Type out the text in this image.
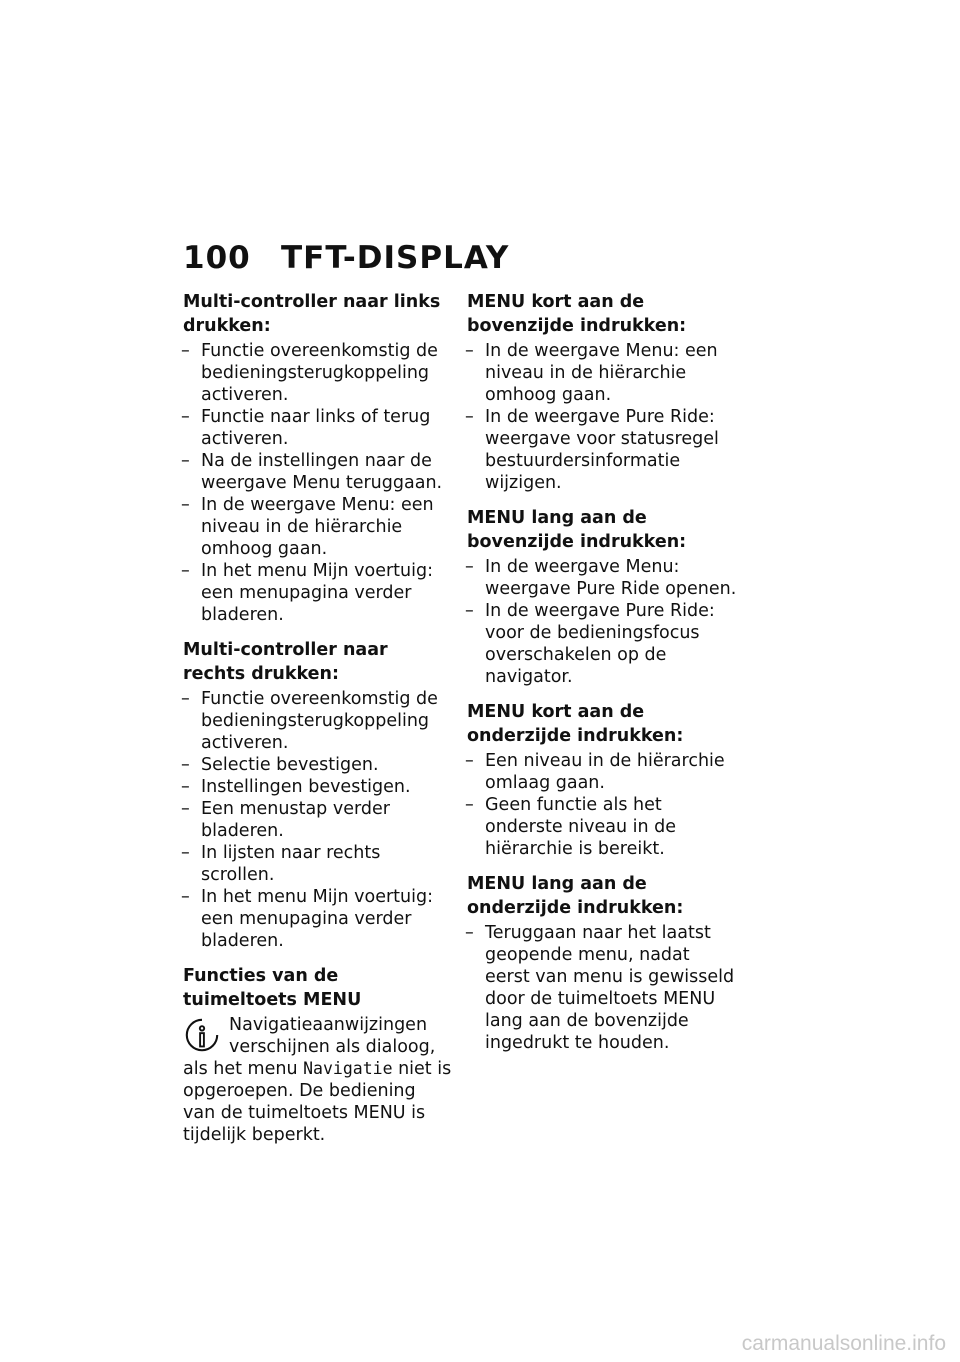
100 TFT-DISPLAY
Multi-controller naar links drukken:
– Functie overeenkomstig de bedieningsterugkoppeling activeren.
– Functie naar links of terug activeren.
– Na de instellingen naar de weergave Menu teruggaan.
– In de weergave Menu: een niveau in de hiërarchie omhoog gaan.
– In het menu Mijn voertuig: een menupagina verder bladeren.
Multi-controller naar rechts drukken:
– Functie overeenkomstig de bedieningsterugkoppeling activeren.
– Selectie bevestigen.
– Instellingen bevestigen.
– Een menustap verder bladeren.
– In lijsten naar rechts scrollen.
– In het menu Mijn voertuig: een menupagina verder bladeren.
Functies van de tuimeltoets MENU
Navigatieaanwijzingen verschijnen als dialoog, als het menu Navigatie niet is opgeroepen. De bediening van de tuimeltoets MENU is tijdelijk beperkt.
MENU kort aan de bovenzijde indrukken:
– In de weergave Menu: een niveau in de hiërarchie omhoog gaan.
– In de weergave Pure Ride: weergave voor statusregel bestuurdersinformatie wijzigen.
MENU lang aan de bovenzijde indrukken:
– In de weergave Menu: weergave Pure Ride openen.
– In de weergave Pure Ride: voor de bedieningsfocus overschakelen op de navigator.
MENU kort aan de onderzijde indrukken:
– Een niveau in de hiërarchie omlaag gaan.
– Geen functie als het onderste niveau in de hiërarchie is bereikt.
MENU lang aan de onderzijde indrukken:
– Teruggaan naar het laatst geopende menu, nadat eerst van menu is gewisseld door de tuimeltoets MENU lang aan de bovenzijde ingedrukt te houden.
carmanualsonline.info
